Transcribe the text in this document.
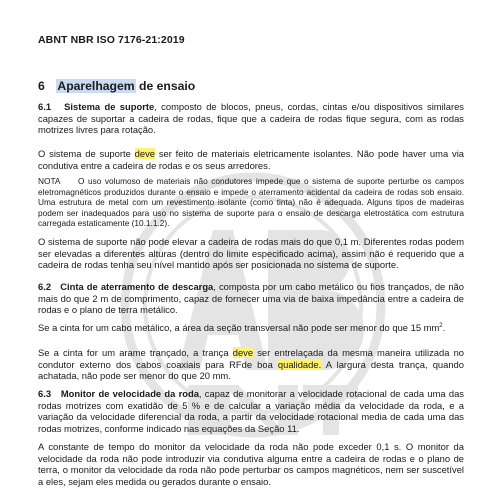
ABNT NBR ISO 7176-21:2019
6 Aparelhagem de ensaio

6.1 Sistema de suporte, composto de blocos, pneus, cordas, cintas e/ou dispositivos similares capazes de suportar a cadeira de rodas, fique que a cadeira de rodas fique segura, com as rodas motrizes livres para rotação.

O sistema de suporte deve ser feito de materiais eletricamente isolantes. Não pode haver uma via condutiva entre a cadeira de rodas e os seus arredores.

NOTA O uso volumoso de materiais não condutores impede que o sistema de suporte perturbe os campos eletromagnéticos produzidos durante o ensaio e impede o aterramento acidental da cadeira de rodas sob ensaio. Uma estrutura de metal com um revestimento isolante (como tinta) não é adequada. Alguns tipos de madeiras podem ser inadequados para uso no sistema de suporte para o ensaio de descarga eletrostática com estrutura carregada estaticamente (10.1.1.2).

O sistema de suporte não pode elevar a cadeira de rodas mais do que 0,1 m. Diferentes rodas podem ser elevadas a diferentes alturas (dentro do limite especificado acima), assim não é requerido que a cadeira de rodas tenha seu nível mantido após ser posicionada no sistema de suporte.

6.2 Cinta de aterramento de descarga, composta por um cabo metálico ou fios trançados, de não mais do que 2 m de comprimento, capaz de fornecer uma via de baixa impedância entre a cadeira de rodas e o plano de terra metálico.

Se a cinta for um cabo metálico, a área da seção transversal não pode ser menor do que 15 $mm^2$.

Se a cinta for um arame trançado, a trança deve ser entrelaçada da mesma maneira utilizada no condutor externo dos cabos coaxiais para RFde boa qualidade. A largura desta trança, quando achatada, não pode ser menor do que 20 mm.

6.3 Monitor de velocidade da roda, capaz de monitorar a velocidade rotacional de cada uma das rodas motrizes com exatidão de 5 % e de calcular a variação média da velocidade da roda, e a variação da velocidade diferencial da roda, a partir da velocidade rotacional media de cada uma das rodas motrizes, conforme indicado nas equações da Seção 11.

A constante de tempo do monitor da velocidade da roda não pode exceder 0,1 s. O monitor da velocidade da roda não pode introduzir via condutiva alguma entre a cadeira de rodas e o plano de terra, o monitor da velocidade da roda não pode perturbar os campos magnéticos, nem ser suscetível a eles, sejam eles medida ou gerados durante o ensaio.
